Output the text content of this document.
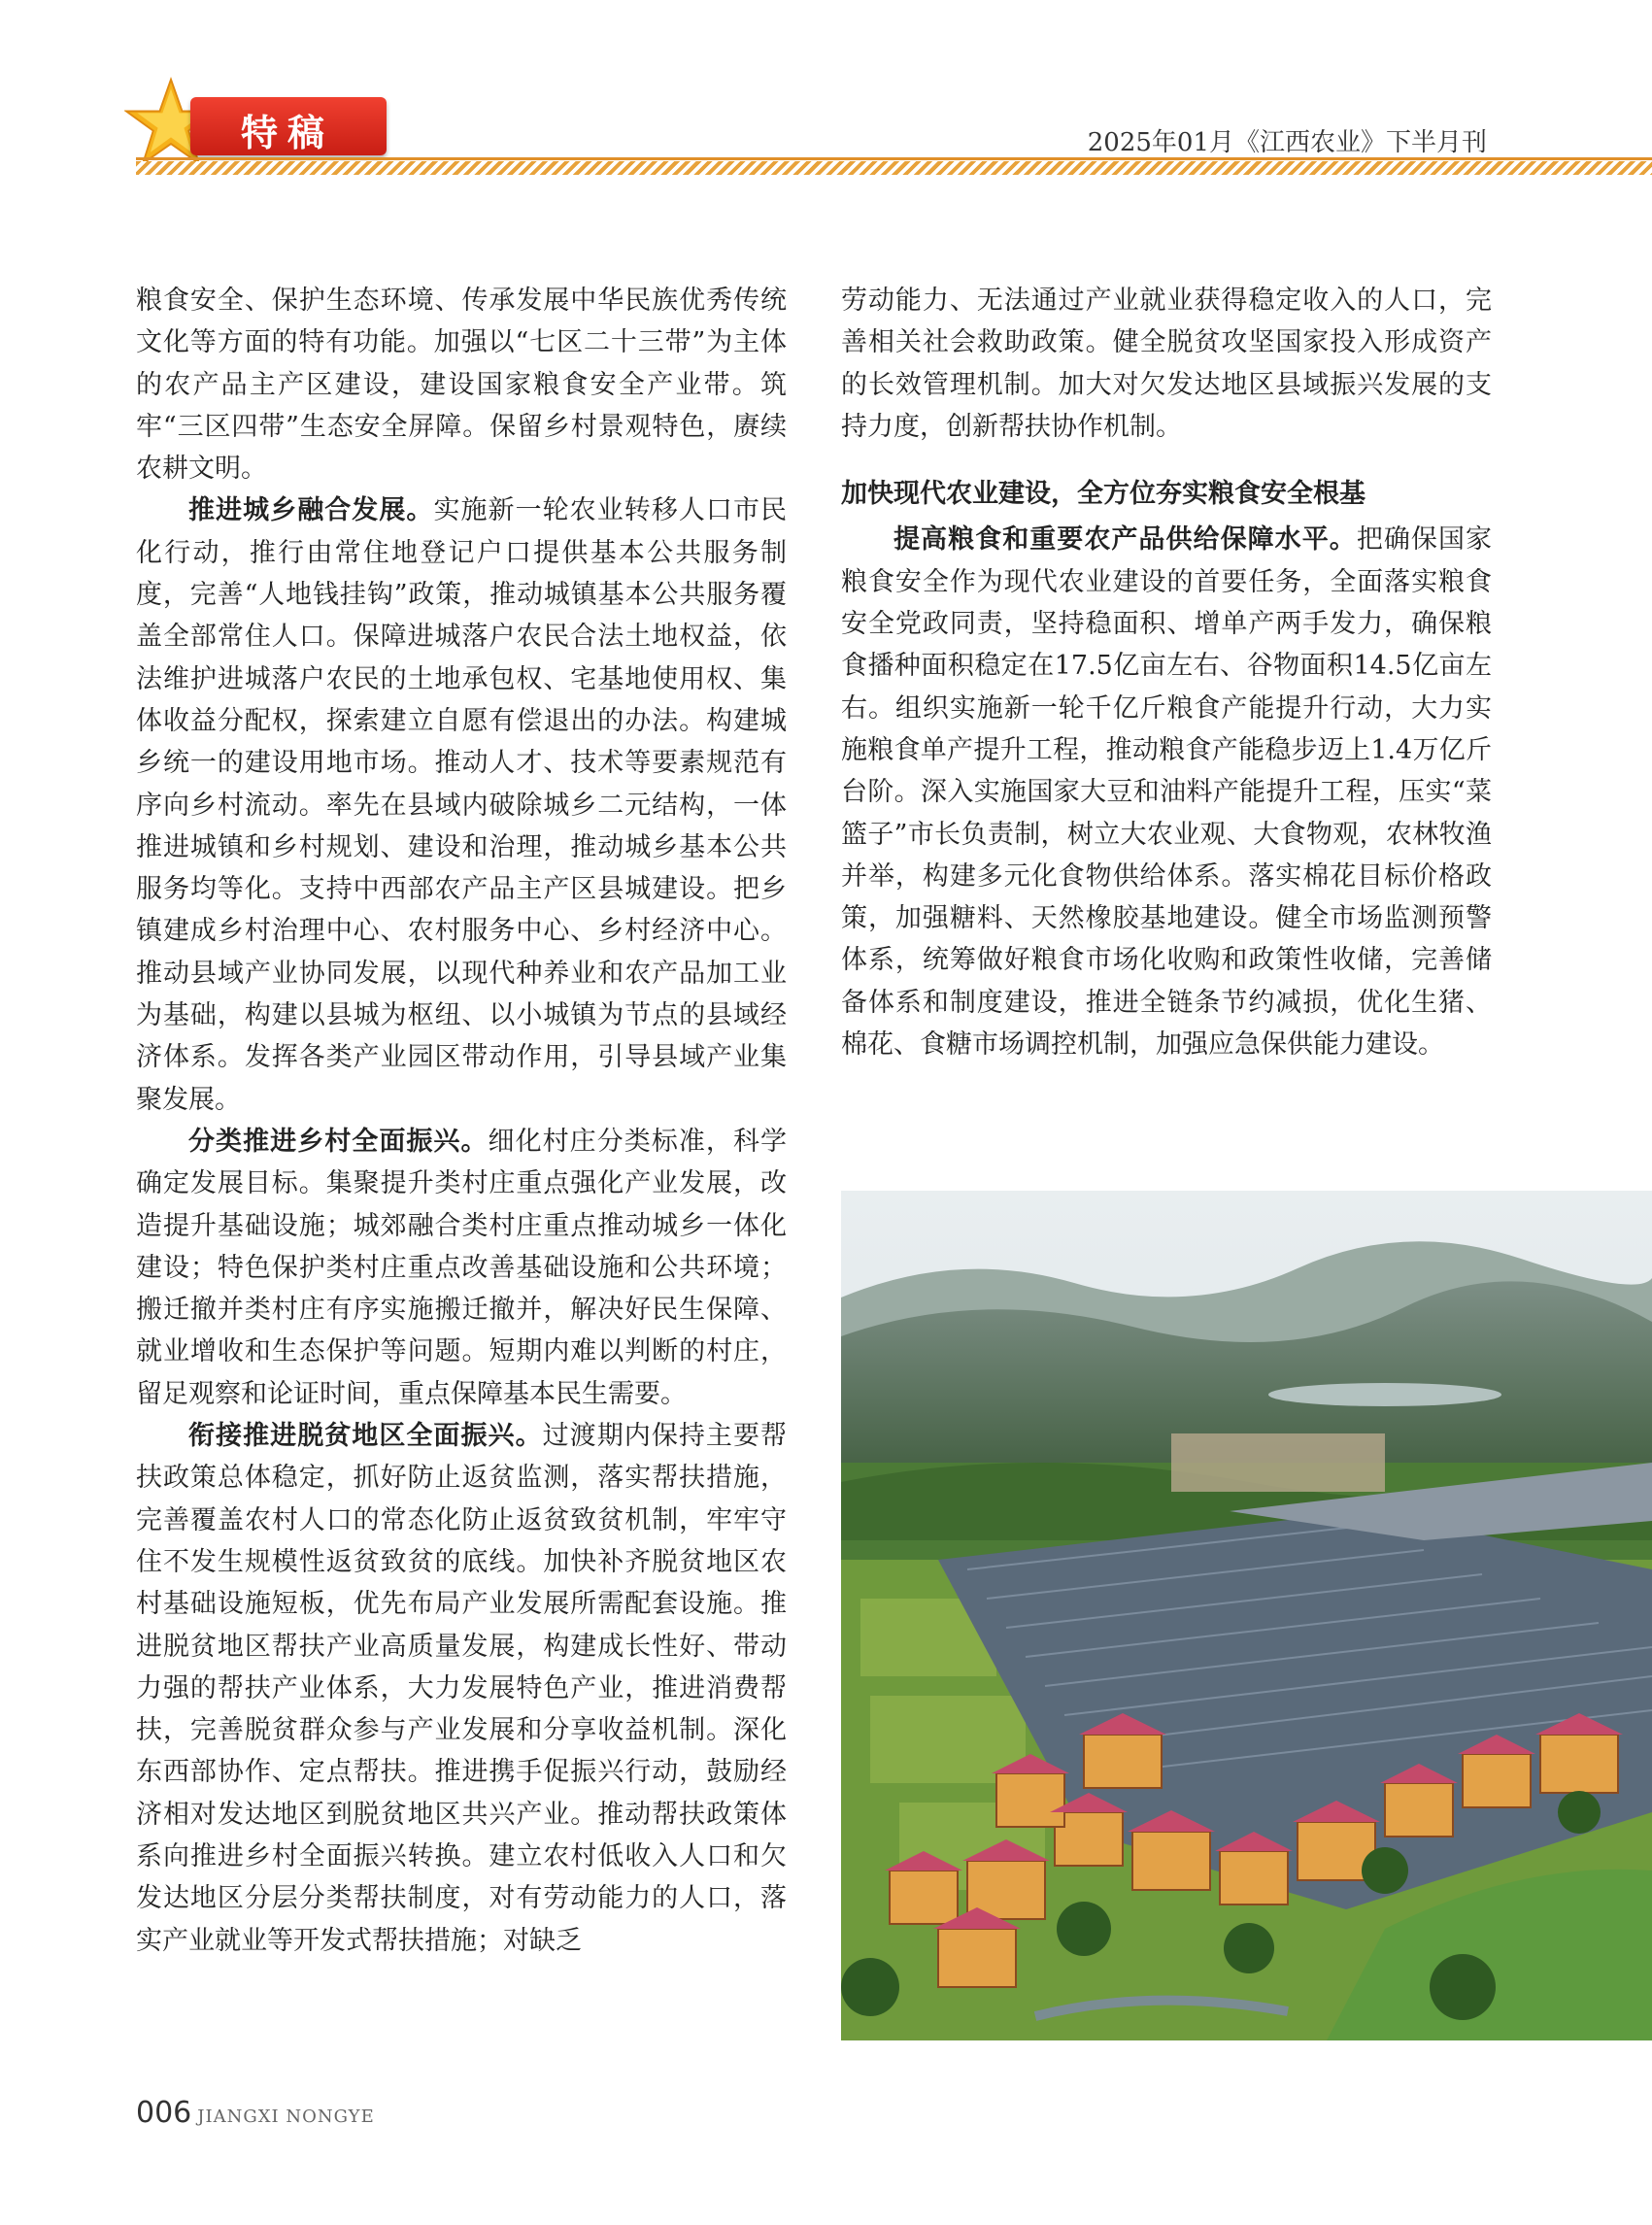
特稿	2025年01月《江西农业》下半月刊

粮食安全、保护生态环境、传承发展中华民族优秀传统文化等方面的特有功能。加强以“七区二十三带”为主体的农产品主产区建设，建设国家粮食安全产业带。筑牢“三区四带”生态安全屏障。保留乡村景观特色，赓续农耕文明。

推进城乡融合发展。实施新一轮农业转移人口市民化行动，推行由常住地登记户口提供基本公共服务制度，完善“人地钱挂钩”政策，推动城镇基本公共服务覆盖全部常住人口。保障进城落户农民合法土地权益，依法维护进城落户农民的土地承包权、宅基地使用权、集体收益分配权，探索建立自愿有偿退出的办法。构建城乡统一的建设用地市场。推动人才、技术等要素规范有序向乡村流动。率先在县域内破除城乡二元结构，一体推进城镇和乡村规划、建设和治理，推动城乡基本公共服务均等化。支持中西部农产品主产区县城建设。把乡镇建成乡村治理中心、农村服务中心、乡村经济中心。推动县域产业协同发展，以现代种养业和农产品加工业为基础，构建以县城为枢纽、以小城镇为节点的县域经济体系。发挥各类产业园区带动作用，引导县域产业集聚发展。

分类推进乡村全面振兴。细化村庄分类标准，科学确定发展目标。集聚提升类村庄重点强化产业发展，改造提升基础设施；城郊融合类村庄重点推动城乡一体化建设；特色保护类村庄重点改善基础设施和公共环境；搬迁撤并类村庄有序实施搬迁撤并，解决好民生保障、就业增收和生态保护等问题。短期内难以判断的村庄，留足观察和论证时间，重点保障基本民生需要。

衔接推进脱贫地区全面振兴。过渡期内保持主要帮扶政策总体稳定，抓好防止返贫监测，落实帮扶措施，完善覆盖农村人口的常态化防止返贫致贫机制，牢牢守住不发生规模性返贫致贫的底线。加快补齐脱贫地区农村基础设施短板，优先布局产业发展所需配套设施。推进脱贫地区帮扶产业高质量发展，构建成长性好、带动力强的帮扶产业体系，大力发展特色产业，推进消费帮扶，完善脱贫群众参与产业发展和分享收益机制。深化东西部协作、定点帮扶。推进携手促振兴行动，鼓励经济相对发达地区到脱贫地区共兴产业。推动帮扶政策体系向推进乡村全面振兴转换。建立农村低收入人口和欠发达地区分层分类帮扶制度，对有劳动能力的人口，落实产业就业等开发式帮扶措施；对缺乏

劳动能力、无法通过产业就业获得稳定收入的人口，完善相关社会救助政策。健全脱贫攻坚国家投入形成资产的长效管理机制。加大对欠发达地区县域振兴发展的支持力度，创新帮扶协作机制。

加快现代农业建设，全方位夯实粮食安全根基

提高粮食和重要农产品供给保障水平。把确保国家粮食安全作为现代农业建设的首要任务，全面落实粮食安全党政同责，坚持稳面积、增单产两手发力，确保粮食播种面积稳定在17.5亿亩左右、谷物面积14.5亿亩左右。组织实施新一轮千亿斤粮食产能提升行动，大力实施粮食单产提升工程，推动粮食产能稳步迈上1.4万亿斤台阶。深入实施国家大豆和油料产能提升工程，压实“菜篮子”市长负责制，树立大农业观、大食物观，农林牧渔并举，构建多元化食物供给体系。落实棉花目标价格政策，加强糖料、天然橡胶基地建设。健全市场监测预警体系，统筹做好粮食市场化收购和政策性收储，完善储备体系和制度建设，推进全链条节约减损，优化生猪、棉花、食糖市场调控机制，加强应急保供能力建设。

006 JIANGXI NONGYE
